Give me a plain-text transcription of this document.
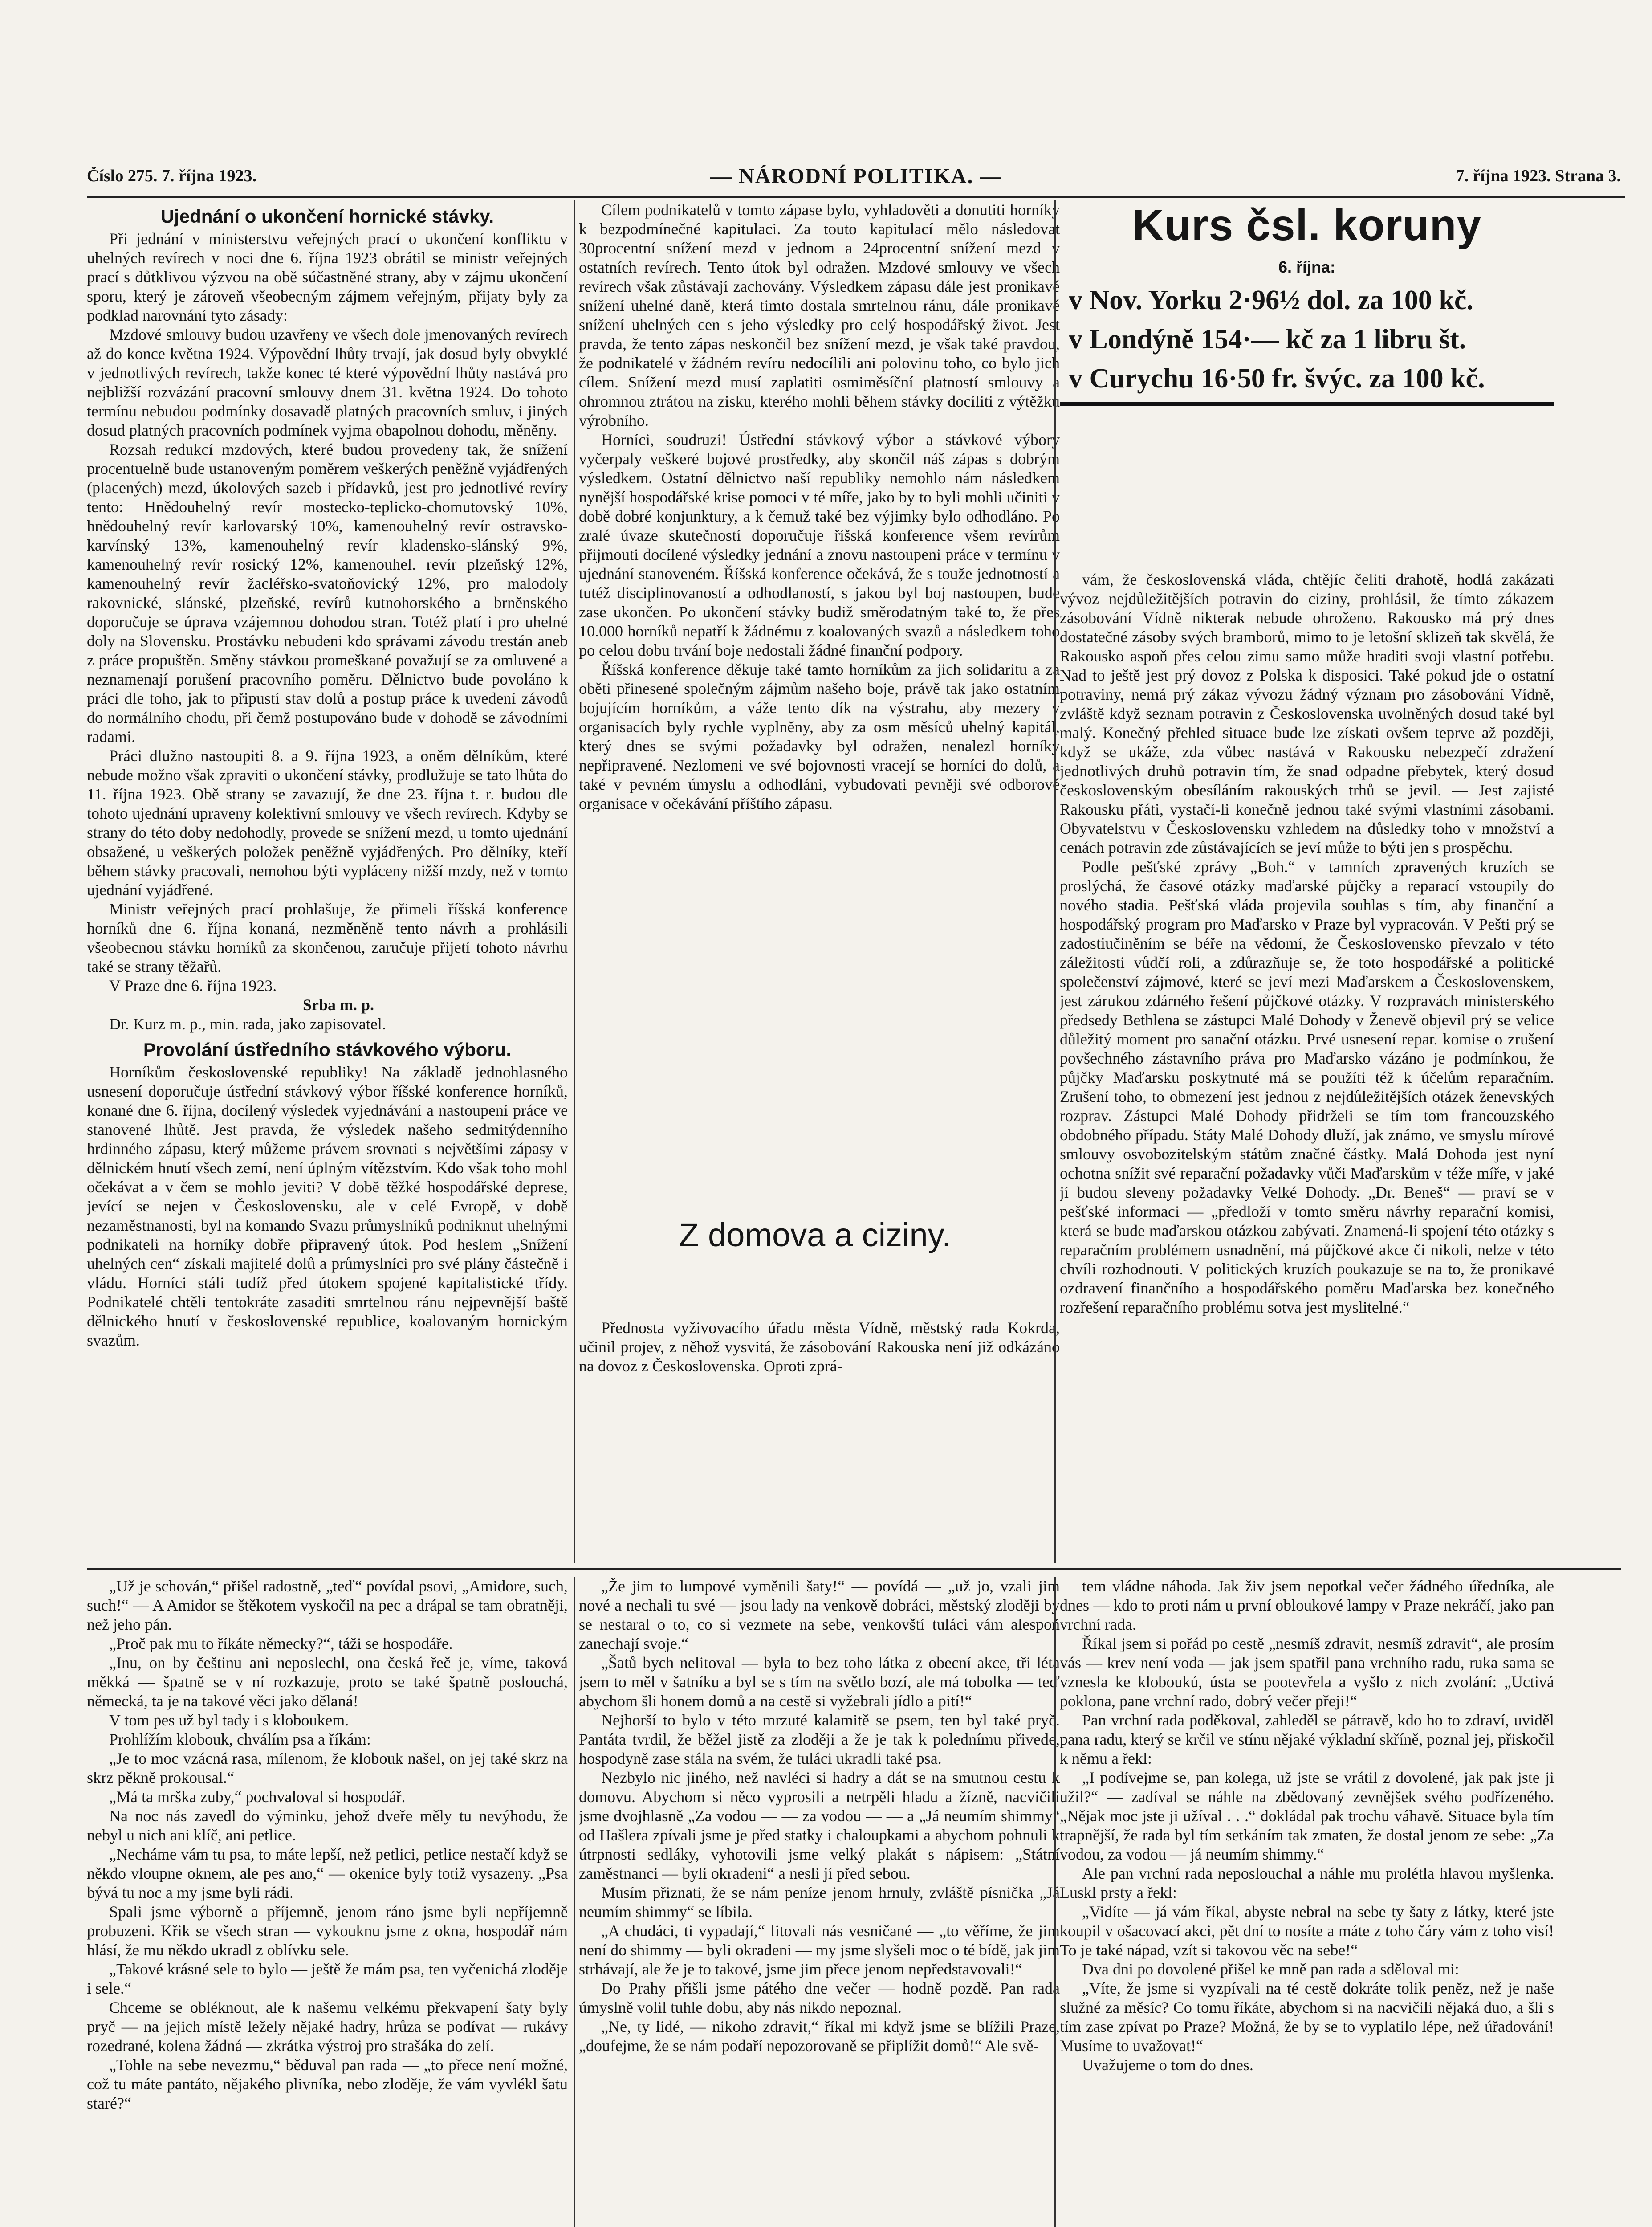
Číslo 275. 7. října 1923.	— NÁRODNÍ POLITIKA. —	7. října 1923. Strana 3.
Ujednání o ukončení hornické stávky.

Při jednání v ministerstvu veřejných prací o ukončení konfliktu v uhelných revírech v noci dne 6. října 1923 obrátil se ministr veřejných prací s důtklivou výzvou na obě súčastněné strany, aby v zájmu ukončení sporu, který je zároveň všeobecným zájmem veřejným, přijaty byly za podklad narovnání tyto zásady:

Mzdové smlouvy budou uzavřeny ve všech dole jmenovaných revírech až do konce května 1924. Výpovědní lhůty trvají, jak dosud byly obvyklé v jednotlivých revírech, takže konec té které výpovědní lhůty nastává pro nejbližší rozvázání pracovní smlouvy dnem 31. května 1924. Do tohoto termínu nebudou podmínky dosavadě platných pracovních smluv, i jiných dosud platných pracovních podmínek vyjma obapolnou dohodu, měněny.

Rozsah redukcí mzdových, které budou provedeny tak, že snížení procentuelně bude ustanoveným poměrem veškerých peněžně vyjádřených (placených) mezd, úkolových sazeb i přídavků, jest pro jednotlivé revíry tento: Hnědouhelný revír mostecko-teplicko-chomutovský 10%, hnědouhelný revír karlovarský 10%, kamenouhelný revír ostravsko-karvínský 13%, kamenouhelný revír kladensko-slánský 9%, kamenouhelný revír rosický 12%, kamenouhel. revír plzeňský 12%, kamenouhelný revír žacléřsko-svatoňovický 12%, pro malodoly rakovnické, slánské, plzeňské, revírů kutnohorského a brněnského doporučuje se úprava vzájemnou dohodou stran. Totéž platí i pro uhelné doly na Slovensku. Prostávku nebudeni kdo správami závodu trestán aneb z práce propuštěn. Směny stávkou promeškané považují se za omluvené a neznamenají porušení pracovního poměru. Dělnictvo bude povoláno k práci dle toho, jak to připustí stav dolů a postup práce k uvedení závodů do normálního chodu, při čemž postupováno bude v dohodě se závodními radami.

Práci dlužno nastoupiti 8. a 9. října 1923, a oněm dělníkům, které nebude možno však zpraviti o ukončení stávky, prodlužuje se tato lhůta do 11. října 1923. Obě strany se zavazují, že dne 23. října t. r. budou dle tohoto ujednání upraveny kolektivní smlouvy ve všech revírech. Kdyby se strany do této doby nedohodly, provede se snížení mezd, u tomto ujednání obsažené, u veškerých položek peněžně vyjádřených. Pro dělníky, kteří během stávky pracovali, nemohou býti vypláceny nižší mzdy, než v tomto ujednání vyjádřené.

Ministr veřejných prací prohlašuje, že přimeli říšská konference horníků dne 6. října konaná, nezměněně tento návrh a prohlásili všeobecnou stávku horníků za skončenou, zaručuje přijetí tohoto návrhu také se strany těžařů.

V Praze dne 6. října 1923.

Srba m. p.

Dr. Kurz m. p., min. rada, jako zapisovatel.

Provolání ústředního stávkového výboru.

Horníkům československé republiky! Na základě jednohlasného usnesení doporučuje ústřední stávkový výbor říšské konference horníků, konané dne 6. října, docílený výsledek vyjednávání a nastoupení práce ve stanovené lhůtě. Jest pravda, že výsledek našeho sedmitýdenního hrdinného zápasu, který můžeme právem srovnati s největšími zápasy v dělnickém hnutí všech zemí, není úplným vítězstvím. Kdo však toho mohl očekávat a v čem se mohlo jeviti? V době těžké hospodářské deprese, jevící se nejen v Československu, ale v celé Evropě, v době nezaměstnanosti, byl na komando Svazu průmyslníků podniknut uhelnými podnikateli na horníky dobře připravený útok. Pod heslem „Snížení uhelných cen“ získali majitelé dolů a průmyslníci pro své plány částečně i vládu. Horníci stáli tudíž před útokem spojené kapitalistické třídy. Podnikatelé chtěli tentokráte zasaditi smrtelnou ránu nejpevnější baště dělnického hnutí v československé republice, koalovaným hornickým svazům.

Cílem podnikatelů v tomto zápase bylo, vyhladověti a donutiti horníky k bezpodmínečné kapitulaci. Za touto kapitulací mělo následovat 30procentní snížení mezd v jednom a 24procentní snížení mezd v ostatních revírech. Tento útok byl odražen. Mzdové smlouvy ve všech revírech však zůstávají zachovány. Výsledkem zápasu dále jest pronikavé snížení uhelné daně, která timto dostala smrtelnou ránu, dále pronikavé snížení uhelných cen s jeho výsledky pro celý hospodářský život. Jest pravda, že tento zápas neskončil bez snížení mezd, je však také pravdou, že podnikatelé v žádném revíru nedocílili ani polovinu toho, co bylo jich cílem. Snížení mezd musí zaplatiti osmiměsíční platností smlouvy a ohromnou ztrátou na zisku, kterého mohli během stávky docíliti z výtěžku výrobního.

Horníci, soudruzi! Ústřední stávkový výbor a stávkové výbory vyčerpaly veškeré bojové prostředky, aby skončil náš zápas s dobrým výsledkem. Ostatní dělnictvo naší republiky nemohlo nám následkem nynější hospodářské krise pomoci v té míře, jako by to byli mohli učiniti v době dobré konjunktury, a k čemuž také bez výjimky bylo odhodláno. Po zralé úvaze skutečností doporučuje říšská konference všem revírům přijmouti docílené výsledky jednání a znovu nastoupeni práce v termínu v ujednání stanoveném. Říšská konference očekává, že s touže jednotností a tutéž disciplinovaností a odhodlaností, s jakou byl boj nastoupen, bude zase ukončen. Po ukončení stávky budiž směrodatným také to, že přes 10.000 horníků nepatří k žádnému z koalovaných svazů a následkem toho po celou dobu trvání boje nedostali žádné finanční podpory.

Říšská konference děkuje také tamto horníkům za jich solidaritu a za oběti přinesené společným zájmům našeho boje, právě tak jako ostatním bojujícím horníkům, a váže tento dík na výstrahu, aby mezery v organisacích byly rychle vyplněny, aby za osm měsíců uhelný kapitál, který dnes se svými požadavky byl odražen, nenalezl horníky nepřipravené. Nezlomeni ve své bojovnosti vracejí se horníci do dolů, a také v pevném úmyslu a odhodláni, vybudovati pevněji své odborové organisace v očekávání příštího zápasu.

Z domova a ciziny.

Přednosta vyživovacího úřadu města Vídně, městský rada Kokrda, učinil projev, z něhož vysvitá, že zásobování Rakouska není již odkázáno na dovoz z Československa. Oproti zprá-

Kurs čsl. koruny
6. října:
v Nov. Yorku 2·96½ dol. za 100 kč.
v Londýně 154·— kč za 1 libru št.
v Curychu 16·50 fr. švýc. za 100 kč.

vám, že československá vláda, chtějíc čeliti drahotě, hodlá zakázati vývoz nejdůležitějších potravin do ciziny, prohlásil, že tímto zákazem zásobování Vídně nikterak nebude ohroženo. Rakousko má prý dnes dostatečné zásoby svých bramborů, mimo to je letošní sklizeň tak skvělá, že Rakousko aspoň přes celou zimu samo může hraditi svoji vlastní potřebu. Nad to ještě jest prý dovoz z Polska k disposici. Také pokud jde o ostatní potraviny, nemá prý zákaz vývozu žádný význam pro zásobování Vídně, zvláště když seznam potravin z Československa uvolněných dosud také byl malý. Konečný přehled situace bude lze získati ovšem teprve až později, když se ukáže, zda vůbec nastává v Rakousku nebezpečí zdražení jednotlivých druhů potravin tím, že snad odpadne přebytek, který dosud československým obesíláním rakouských trhů se jevil. — Jest zajisté Rakousku přáti, vystačí-li konečně jednou také svými vlastními zásobami. Obyvatelstvu v Československu vzhledem na důsledky toho v množství a cenách potravin zde zůstávajících se jeví může to býti jen s prospěchu.

Podle pešťské zprávy „Boh.“ v tamních zpravených kruzích se proslýchá, že časové otázky maďarské půjčky a reparací vstoupily do nového stadia. Pešťská vláda projevila souhlas s tím, aby finanční a hospodářský program pro Maďarsko v Praze byl vypracován. V Pešti prý se zadostiučiněním se béře na vědomí, že Československo převzalo v této záležitosti vůdčí roli, a zdůrazňuje se, že toto hospodářské a politické společenství zájmové, které se jeví mezi Maďarskem a Československem, jest zárukou zdárného řešení půjčkové otázky. V rozpravách ministerského předsedy Bethlena se zástupci Malé Dohody v Ženevě objevil prý se velice důležitý moment pro sanační otázku. Prvé usnesení repar. komise o zrušení povšechného zástavního práva pro Maďarsko vázáno je podmínkou, že půjčky Maďarsku poskytnuté má se použíti též k účelům reparačním. Zrušení toho, to obmezení jest jednou z nejdůležitějších otázek ženevských rozprav. Zástupci Malé Dohody přidrželi se tím tom francouzského obdobného případu. Státy Malé Dohody dluží, jak známo, ve smyslu mírové smlouvy osvobozitelským státům značné částky. Malá Dohoda jest nyní ochotna snížit své reparační požadavky vůči Maďarskům v téže míře, v jaké jí budou sleveny požadavky Velké Dohody. „Dr. Beneš“ — praví se v pešťské informaci — „předloží v tomto směru návrhy reparační komisi, která se bude maďarskou otázkou zabývati. Znamená-li spojení této otázky s reparačním problémem usnadnění, má půjčkové akce či nikoli, nelze v této chvíli rozhodnouti. V politických kruzích poukazuje se na to, že pronikavé ozdravení finančního a hospodářského poměru Maďarska bez konečného rozřešení reparačního problému sotva jest myslitelné.“

„Už je schován,“ přišel radostně, „teď“ povídal psovi, „Amidore, such, such!“ — A Amidor se štěkotem vyskočil na pec a drápal se tam obratněji, než jeho pán.

„Proč pak mu to říkáte německy?“, táži se hospodáře.

„Inu, on by češtinu ani neposlechl, ona česká řeč je, víme, taková měkká — špatně se v ní rozkazuje, proto se také špatně poslouchá, německá, ta je na takové věci jako dělaná!

V tom pes už byl tady i s kloboukem.

Prohlížím klobouk, chválím psa a říkám:

„Je to moc vzácná rasa, mílenom, že klobouk našel, on jej také skrz na skrz pěkně prokousal.“

„Má ta mrška zuby,“ pochvaloval si hospodář.

Na noc nás zavedl do výminku, jehož dveře měly tu nevýhodu, že nebyl u nich ani klíč, ani petlice.

„Necháme vám tu psa, to máte lepší, než petlici, petlice nestačí když se někdo vloupne oknem, ale pes ano,“ — okenice byly totiž vysazeny. „Psa bývá tu noc a my jsme byli rádi.

Spali jsme výborně a příjemně, jenom ráno jsme byli nepříjemně probuzeni. Křik se všech stran — vykouknu jsme z okna, hospodář nám hlásí, že mu někdo ukradl z oblívku sele.

„Takové krásné sele to bylo — ještě že mám psa, ten vyčenichá zloděje i sele.“

Chceme se obléknout, ale k našemu velkému překvapení šaty byly pryč — na jejich místě ležely nějaké hadry, hrůza se podívat — rukávy rozedrané, kolena žádná — zkrátka výstroj pro strašáka do zelí.

„Tohle na sebe nevezmu,“ běduval pan rada — „to přece není možné, což tu máte pantáto, nějakého plivníka, nebo zloděje, že vám vyvlékl šatu staré?“

„Že jim to lumpové vyměnili šaty!“ — povídá — „už jo, vzali jim nové a nechali tu své — jsou lady na venkově dobráci, městský zloději by se nestaral o to, co si vezmete na sebe, venkovští tuláci vám alespoň zanechají svoje.“

„Šatů bych nelitoval — byla to bez toho látka z obecní akce, tři léta jsem to měl v šatníku a byl se s tím na světlo bozí, ale má tobolka — teď abychom šli honem domů a na cestě si vyžebrali jídlo a pití!“

Nejhorší to bylo v této mrzuté kalamitě se psem, ten byl také pryč. Pantáta tvrdil, že běžel jistě za zloději a že je tak k polednímu přivede, hospodyně zase stála na svém, že tuláci ukradli také psa.

Nezbylo nic jiného, než navléci si hadry a dát se na smutnou cestu k domovu. Abychom si něco vyprosili a netrpěli hladu a žízně, nacvičili jsme dvojhlasně „Za vodou — — za vodou — — a „Já neumím shimmy“ od Hašlera zpívali jsme je před statky i chaloupkami a abychom pohnuli k útrpnosti sedláky, vyhotovili jsme velký plakát s nápisem: „Státní zaměstnanci — byli okradeni“ a nesli jí před sebou.

Musím přiznati, že se nám peníze jenom hrnuly, zvláště písnička „Já neumím shimmy“ se líbila.

„A chudáci, ti vypadají,“ litovali nás vesničané — „to věříme, že jim není do shimmy — byli okradeni — my jsme slyšeli moc o té bídě, jak jim strhávají, ale že je to takové, jsme jim přece jenom nepředstavovali!“

Do Prahy přišli jsme pátého dne večer — hodně pozdě. Pan rada úmyslně volil tuhle dobu, aby nás nikdo nepoznal.

„Ne, ty lidé, — nikoho zdravit,“ říkal mi když jsme se blížili Praze, „doufejme, že se nám podaří nepozorovaně se připlížit domů!“ Ale svě-

tem vládne náhoda. Jak živ jsem nepotkal večer žádného úředníka, ale dnes — kdo to proti nám u první obloukové lampy v Praze nekráčí, jako pan vrchní rada.

Říkal jsem si pořád po cestě „nesmíš zdravit, nesmíš zdravit“, ale prosím vás — krev není voda — jak jsem spatřil pana vrchního radu, ruka sama se vznesla ke kloboukú, ústa se pootevřela a vyšlo z nich zvolání: „Uctivá poklona, pane vrchní rado, dobrý večer přeji!“

Pan vrchní rada poděkoval, zahleděl se pátravě, kdo ho to zdraví, uviděl pana radu, který se krčil ve stínu nějaké výkladní skříně, poznal jej, přiskočil k němu a řekl:

„I podívejme se, pan kolega, už jste se vrátil z dovolené, jak pak jste ji užil?“ — zadíval se náhle na zbědovaný zevnějšek svého podřízeného. „Nějak moc jste ji užíval . . .“ dokládal pak trochu váhavě. Situace byla tím trapnější, že rada byl tím setkáním tak zmaten, že dostal jenom ze sebe: „Za vodou, za vodou — já neumím shimmy.“

Ale pan vrchní rada neposlouchal a náhle mu prolétla hlavou myšlenka. Luskl prsty a řekl:

„Vidíte — já vám říkal, abyste nebral na sebe ty šaty z látky, které jste koupil v ošacovací akci, pět dní to nosíte a máte z toho čáry vám z toho visí! To je také nápad, vzít si takovou věc na sebe!“

Dva dni po dovolené přišel ke mně pan rada a sděloval mi:

„Víte, že jsme si vyzpívali na té cestě dokráte tolik peněz, než je naše služné za měsíc? Co tomu říkáte, abychom si na nacvičili nějaká duo, a šli s tím zase zpívat po Praze? Možná, že by se to vyplatilo lépe, než úřadování! Musíme to uvažovat!“

Uvažujeme o tom do dnes.
